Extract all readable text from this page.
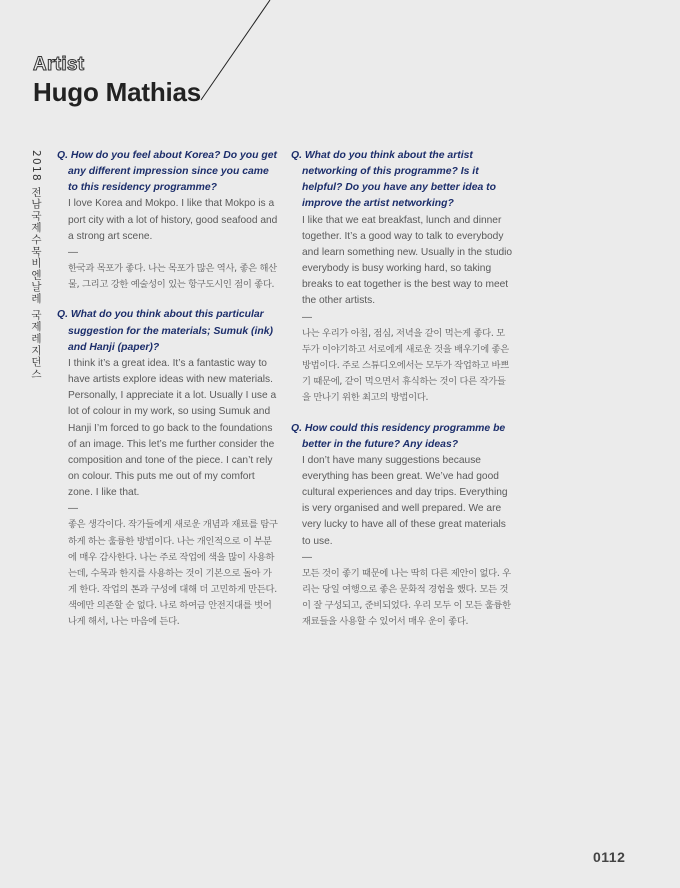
Artist
Hugo Mathias
2018 전남국제수묵비엔날레 국제레지던스 Q. How do you feel about Korea? Do you get any different impression since you came to this residency programme?
I love Korea and Mokpo. I like that Mokpo is a port city with a lot of history, good seafood and a strong art scene.
—
한국과 목포가 좋다. 나는 목포가 많은 역사, 좋은 해산물, 그리고 강한 예술성이 있는 항구도시인 점이 좋다.
Q. What do you think about this particular suggestion for the materials; Sumuk (ink) and Hanji (paper)?
I think it’s a great idea. It’s a fantastic way to have artists explore ideas with new materials. Personally, I appreciate it a lot. Usually I use a lot of colour in my work, so using Sumuk and Hanji I’m forced to go back to the foundations of an image. This let’s me further consider the composition and tone of the piece. I can’t rely on colour. This puts me out of my comfort zone. I like that.
—
좋은 생각이다. 작가들에게 새로운 개념과 재료를 탐구하게 하는 훌륭한 방법이다. 나는 개인적으로 이 부분에 매우 감사한다. 나는 주로 작업에 색을 많이 사용하는데, 수묵과 한지를 사용하는 것이 기본으로 돌아 가게 한다. 작업의 톤과 구성에 대해 더 고민하게 만든다. 색에만 의존할 순 없다. 나로 하여금 안전지대를 벗어나게 해서, 나는 마음에 든다.
Q. What do you think about the artist networking of this programme? Is it helpful? Do you have any better idea to improve the artist networking?
I like that we eat breakfast, lunch and dinner together. It’s a good way to talk to everybody and learn something new. Usually in the studio everybody is busy working hard, so taking breaks to eat together is the best way to meet the other artists.
—
나는 우리가 아침, 점심, 저녁을 같이 먹는게 좋다. 모두가 이야기하고 서로에게 새로운 것을 배우기에 좋은 방법이다. 주로 스튜디오에서는 모두가 작업하고 바쁘기 때문에, 같이 먹으면서 휴식하는 것이 다른 작가들을 만나기 위한 최고의 방법이다.
Q. How could this residency programme be better in the future? Any ideas?
I don’t have many suggestions because everything has been great. We’ve had good cultural experiences and day trips. Everything is very organised and well prepared. We are very lucky to have all of these great materials to use.
—
모든 것이 좋기 때문에 나는 딱히 다른 제안이 없다. 우리는 당일 여행으로 좋은 문화적 경험을 했다. 모든 것이 잘 구성되고, 준비되었다. 우리 모두 이 모든 훌륭한 재료들을 사용할 수 있어서 매우 운이 좋다.
0112
